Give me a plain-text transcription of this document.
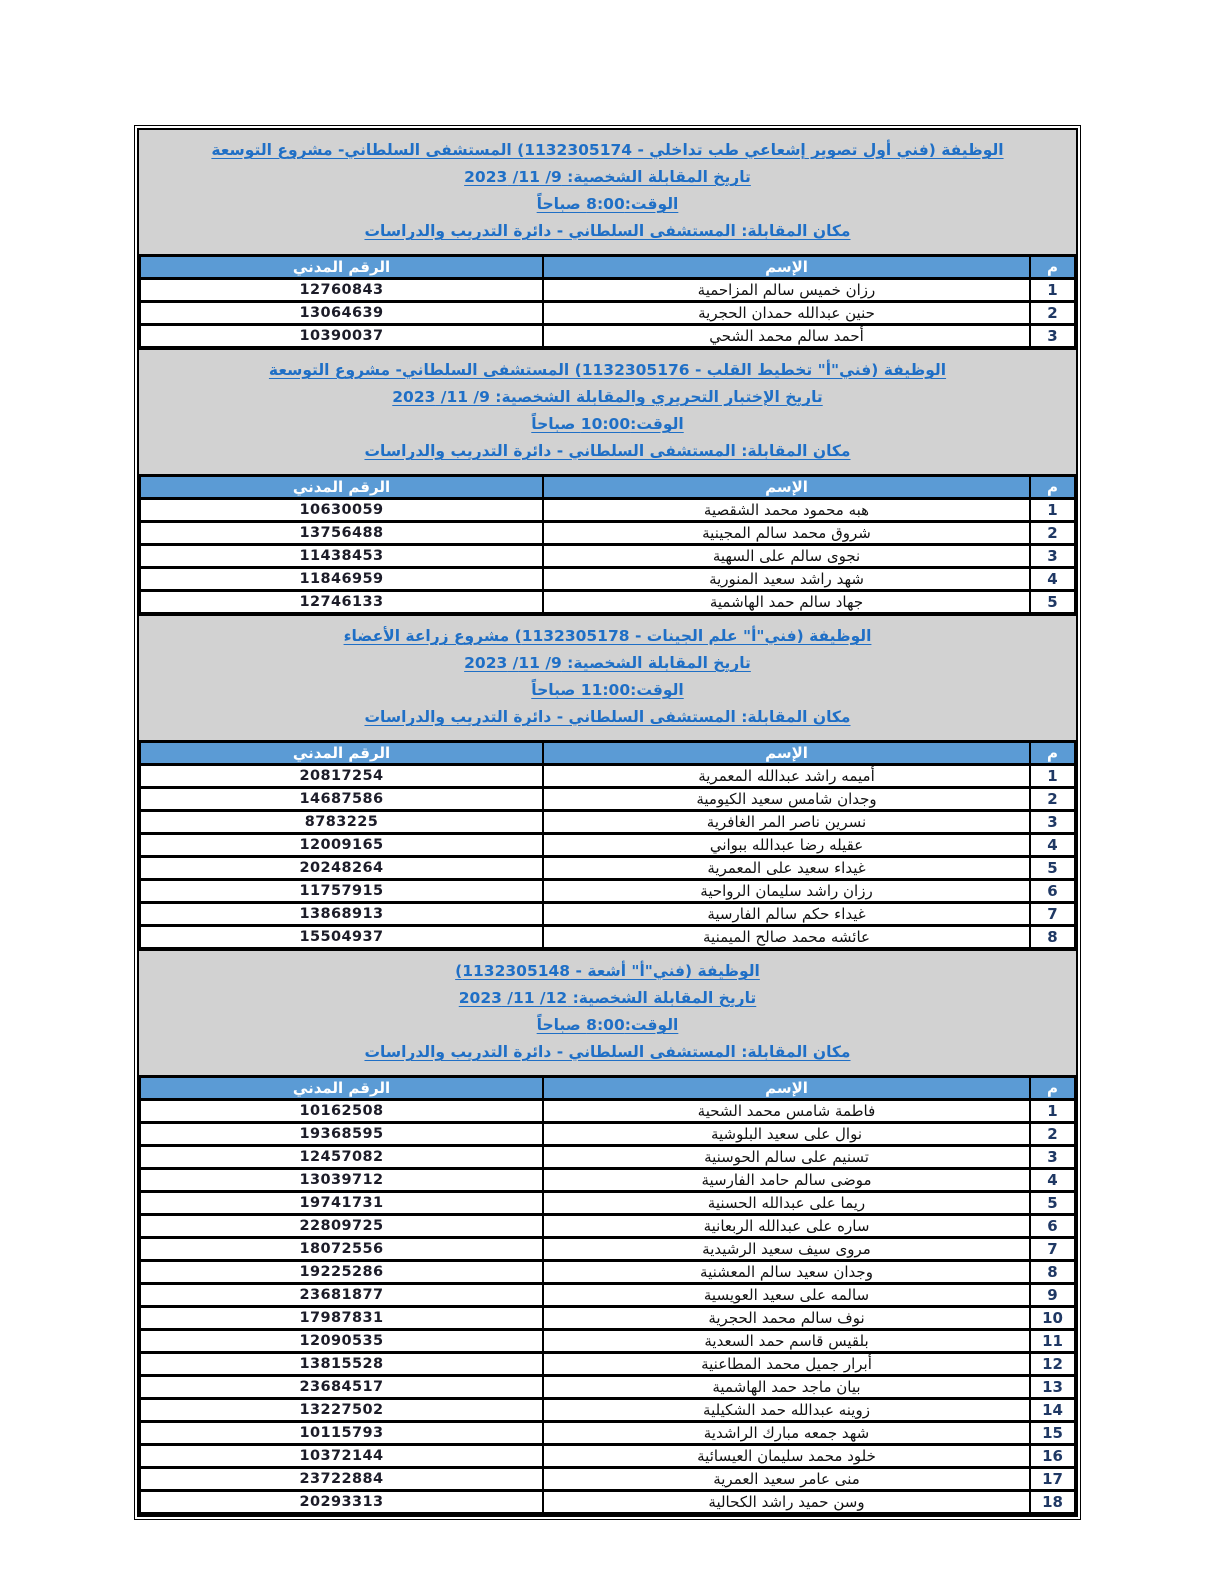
الوظيفة (فني أول تصوير إشعاعي طب تداخلي - 1132305174) المستشفى السلطاني- مشروع التوسعة
تاريخ المقابلة الشخصية: 9/ 11/ 2023
الوقت:8:00 صباحاً
مكان المقابلة: المستشفى السلطاني - دائرة التدريب والدراسات
م	الإسم	الرقم المدني
1	رزان خميس سالم المزاحمية	12760843
2	حنين عبدالله حمدان الحجرية	13064639
3	أحمد سالم محمد الشحي	10390037
الوظيفة (فني"أ" تخطيط القلب - 1132305176) المستشفى السلطاني- مشروع التوسعة
تاريخ الإختبار التحريري والمقابلة الشخصية: 9/ 11/ 2023
الوقت:10:00 صباحاً
مكان المقابلة: المستشفى السلطاني - دائرة التدريب والدراسات
م	الإسم	الرقم المدني
1	هبه محمود محمد الشقصية	10630059
2	شروق محمد سالم المجينية	13756488
3	نجوى سالم على السهية	11438453
4	شهد راشد سعيد المنورية	11846959
5	جهاد سالم حمد الهاشمية	12746133
الوظيفة (فني"أ" علم الجينات - 1132305178) مشروع زراعة الأعضاء
تاريخ المقابلة الشخصية: 9/ 11/ 2023
الوقت:11:00 صباحاً
مكان المقابلة: المستشفى السلطاني - دائرة التدريب والدراسات
م	الإسم	الرقم المدني
1	أميمه راشد عبدالله المعمرية	20817254
2	وجدان شامس سعيد الكيومية	14687586
3	نسرين ناصر المر الغافرية	8783225
4	عقيله رضا عبدالله ببواني	12009165
5	غيداء سعيد على المعمرية	20248264
6	رزان راشد سليمان الرواحية	11757915
7	غيداء حكم سالم الفارسية	13868913
8	عائشه محمد صالح الميمنية	15504937
الوظيفة (فني"أ" أشعة - 1132305148)
تاريخ المقابلة الشخصية: 12/ 11/ 2023
الوقت:8:00 صباحاً
مكان المقابلة: المستشفى السلطاني - دائرة التدريب والدراسات
م	الإسم	الرقم المدني
1	فاطمة شامس محمد الشحية	10162508
2	نوال على سعيد البلوشية	19368595
3	تسنيم على سالم الحوسنية	12457082
4	موضى سالم حامد الفارسية	13039712
5	ريما على عبدالله الحسنية	19741731
6	ساره على عبدالله الربعانية	22809725
7	مروى سيف سعيد الرشيدية	18072556
8	وجدان سعيد سالم المعشنية	19225286
9	سالمه على سعيد العويسية	23681877
10	نوف سالم محمد الحجرية	17987831
11	بلقيس قاسم حمد السعدية	12090535
12	أبرار جميل محمد المطاعنية	13815528
13	بيان ماجد حمد الهاشمية	23684517
14	زوينه عبدالله حمد الشكيلية	13227502
15	شهد جمعه مبارك الراشدية	10115793
16	خلود محمد سليمان العيسائية	10372144
17	منى عامر سعيد العمرية	23722884
18	وسن حميد راشد الكحالية	20293313
